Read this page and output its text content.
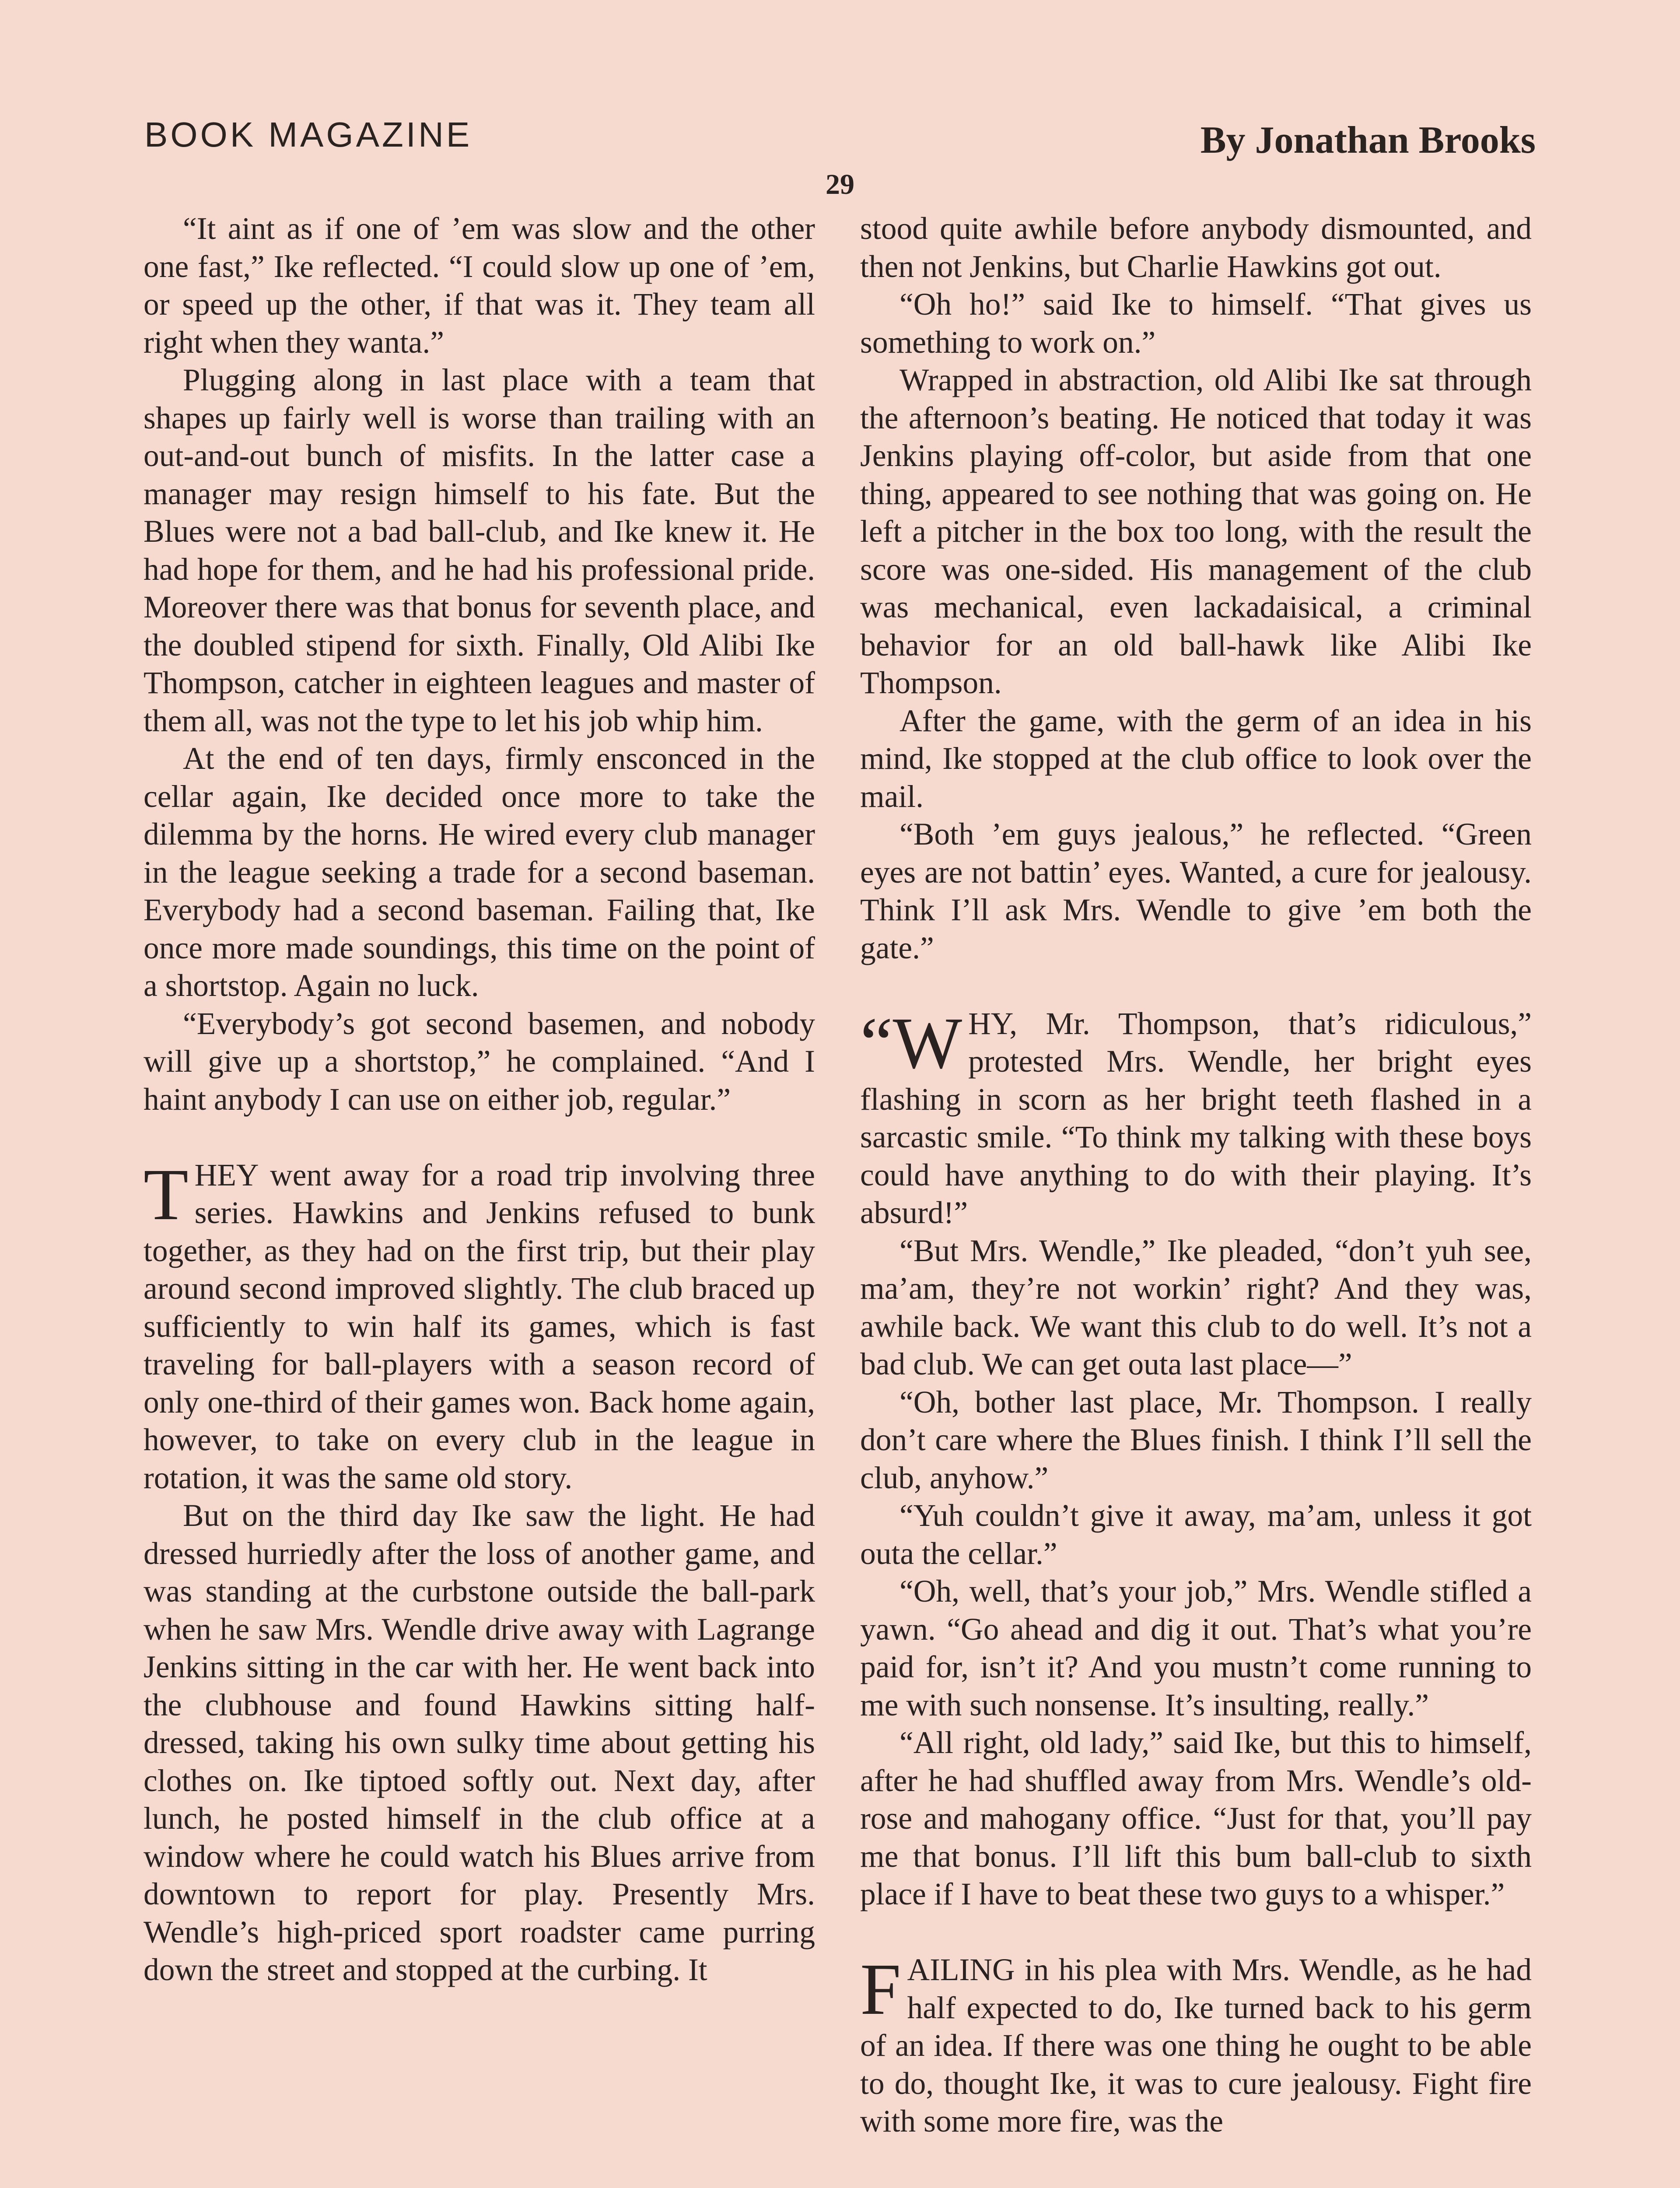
BOOK MAGAZINE	By Jonathan Brooks
29

“It aint as if one of ’em was slow and the other one fast,” Ike reflected. “I could slow up one of ’em, or speed up the other, if that was it. They team all right when they wanta.”

Plugging along in last place with a team that shapes up fairly well is worse than trailing with an out-and-out bunch of misfits. In the latter case a manager may resign himself to his fate. But the Blues were not a bad ball-club, and Ike knew it. He had hope for them, and he had his professional pride. Moreover there was that bonus for seventh place, and the doubled stipend for sixth. Finally, Old Alibi Ike Thompson, catcher in eighteen leagues and master of them all, was not the type to let his job whip him.

At the end of ten days, firmly ensconced in the cellar again, Ike decided once more to take the dilemma by the horns. He wired every club manager in the league seeking a trade for a second baseman. Everybody had a second baseman. Failing that, Ike once more made soundings, this time on the point of a shortstop. Again no luck.

“Everybody’s got second basemen, and nobody will give up a shortstop,” he complained. “And I haint anybody I can use on either job, regular.”

THEY went away for a road trip involving three series. Hawkins and Jenkins refused to bunk together, as they had on the first trip, but their play around second improved slightly. The club braced up sufficiently to win half its games, which is fast traveling for ball-players with a season record of only one-third of their games won. Back home again, however, to take on every club in the league in rotation, it was the same old story.

But on the third day Ike saw the light. He had dressed hurriedly after the loss of another game, and was standing at the curbstone outside the ball-park when he saw Mrs. Wendle drive away with Lagrange Jenkins sitting in the car with her. He went back into the clubhouse and found Hawkins sitting half-dressed, taking his own sulky time about getting his clothes on. Ike tiptoed softly out. Next day, after lunch, he posted himself in the club office at a window where he could watch his Blues arrive from downtown to report for play. Presently Mrs. Wendle’s high-priced sport roadster came purring down the street and stopped at the curbing. It

stood quite awhile before anybody dismounted, and then not Jenkins, but Charlie Hawkins got out.

“Oh ho!” said Ike to himself. “That gives us something to work on.”

Wrapped in abstraction, old Alibi Ike sat through the afternoon’s beating. He noticed that today it was Jenkins playing off-color, but aside from that one thing, appeared to see nothing that was going on. He left a pitcher in the box too long, with the result the score was one-sided. His management of the club was mechanical, even lackadaisical, a criminal behavior for an old ball-hawk like Alibi Ike Thompson.

After the game, with the germ of an idea in his mind, Ike stopped at the club office to look over the mail.

“Both ’em guys jealous,” he reflected. “Green eyes are not battin’ eyes. Wanted, a cure for jealousy. Think I’ll ask Mrs. Wendle to give ’em both the gate.”

“WHY, Mr. Thompson, that’s ridiculous,” protested Mrs. Wendle, her bright eyes flashing in scorn as her bright teeth flashed in a sarcastic smile. “To think my talking with these boys could have anything to do with their playing. It’s absurd!”

“But Mrs. Wendle,” Ike pleaded, “don’t yuh see, ma’am, they’re not workin’ right? And they was, awhile back. We want this club to do well. It’s not a bad club. We can get outa last place—”

“Oh, bother last place, Mr. Thompson. I really don’t care where the Blues finish. I think I’ll sell the club, anyhow.”

“Yuh couldn’t give it away, ma’am, unless it got outa the cellar.”

“Oh, well, that’s your job,” Mrs. Wendle stifled a yawn. “Go ahead and dig it out. That’s what you’re paid for, isn’t it? And you mustn’t come running to me with such nonsense. It’s insulting, really.”

“All right, old lady,” said Ike, but this to himself, after he had shuffled away from Mrs. Wendle’s old-rose and mahogany office. “Just for that, you’ll pay me that bonus. I’ll lift this bum ball-club to sixth place if I have to beat these two guys to a whisper.”

FAILING in his plea with Mrs. Wendle, as he had half expected to do, Ike turned back to his germ of an idea. If there was one thing he ought to be able to do, thought Ike, it was to cure jealousy. Fight fire with some more fire, was the
